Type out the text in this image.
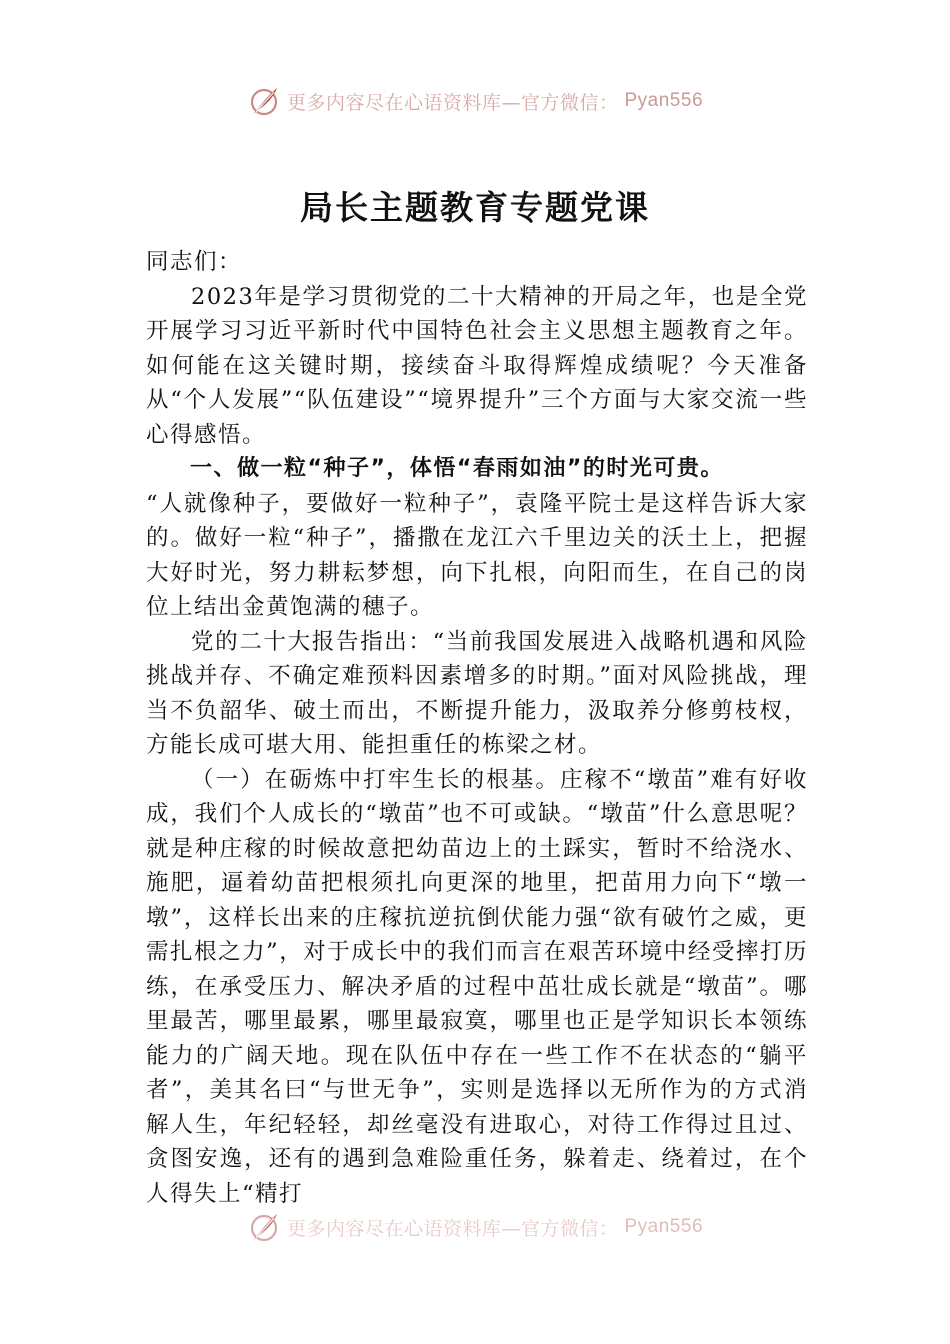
更多内容尽在心语资料库—官方微信： Pyan556
局长主题教育专题党课

同志们：

2023年是学习贯彻党的二十大精神的开局之年，也是全党开展学习习近平新时代中国特色社会主义思想主题教育之年。如何能在这关键时期，接续奋斗取得辉煌成绩呢？今天准备从“个人发展”“队伍建设”“境界提升”三个方面与大家交流一些心得感悟。

一、做一粒“种子”，体悟“春雨如油”的时光可贵。

“人就像种子，要做好一粒种子”，袁隆平院士是这样告诉大家的。做好一粒“种子”，播撒在龙江六千里边关的沃土上，把握大好时光，努力耕耘梦想，向下扎根，向阳而生，在自己的岗位上结出金黄饱满的穗子。

党的二十大报告指出：“当前我国发展进入战略机遇和风险挑战并存、不确定难预料因素增多的时期。”面对风险挑战，理当不负韶华、破土而出，不断提升能力，汲取养分修剪枝杈，方能长成可堪大用、能担重任的栋梁之材。

（一）在砺炼中打牢生长的根基。庄稼不“墩苗”难有好收成，我们个人成长的“墩苗”也不可或缺。“墩苗”什么意思呢？就是种庄稼的时候故意把幼苗边上的土踩实，暂时不给浇水、施肥，逼着幼苗把根须扎向更深的地里，把苗用力向下“墩一墩”，这样长出来的庄稼抗逆抗倒伏能力强“欲有破竹之威，更需扎根之力”，对于成长中的我们而言在艰苦环境中经受摔打历练，在承受压力、解决矛盾的过程中茁壮成长就是“墩苗”。哪里最苦，哪里最累，哪里最寂寞，哪里也正是学知识长本领练能力的广阔天地。现在队伍中存在一些工作不在状态的“躺平者”，美其名曰“与世无争”，实则是选择以无所作为的方式消解人生，年纪轻轻，却丝毫没有进取心，对待工作得过且过、贪图安逸，还有的遇到急难险重任务，躲着走、绕着过，在个人得失上“精打

更多内容尽在心语资料库—官方微信： Pyan556
